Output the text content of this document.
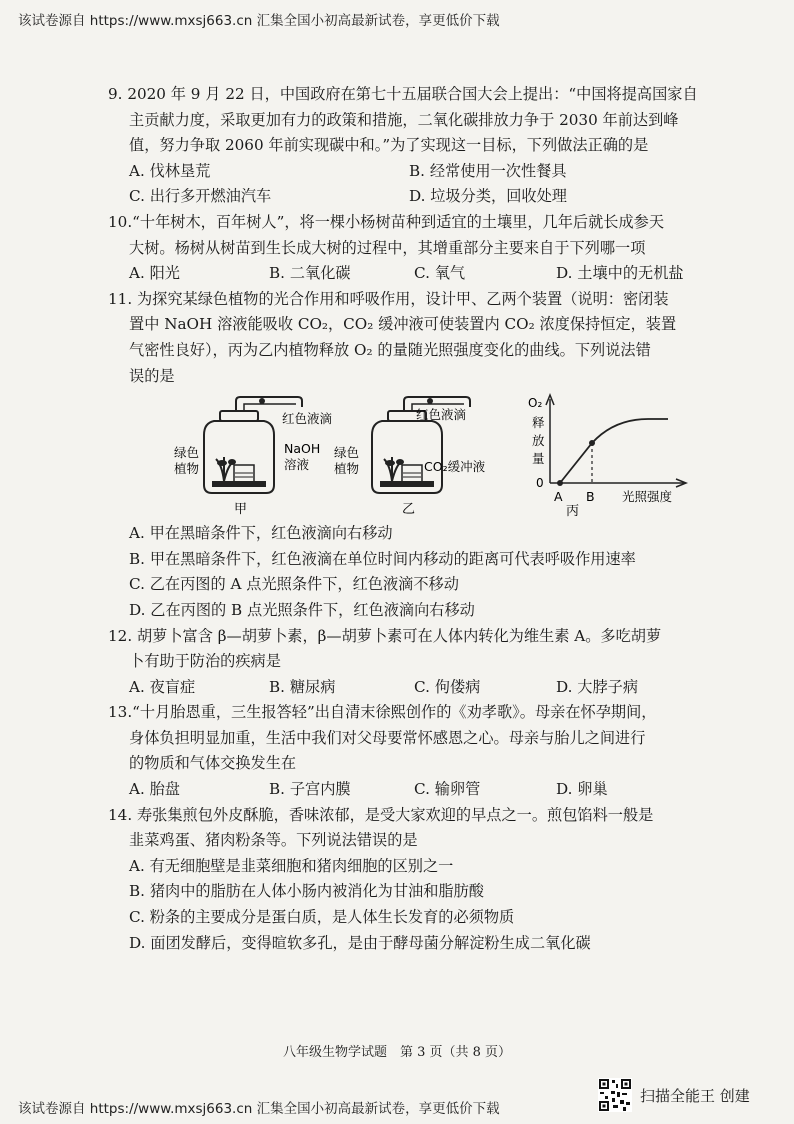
该试卷源自 https://www.mxsj663.cn 汇集全国小初高最新试卷，享更低价下载
9. 2020 年 9 月 22 日，中国政府在第七十五届联合国大会上提出：“中国将提高国家自
主贡献力度，采取更加有力的政策和措施，二氧化碳排放力争于 2030 年前达到峰
值，努力争取 2060 年前实现碳中和。”为了实现这一目标，下列做法正确的是
A. 伐林垦荒	B. 经常使用一次性餐具
C. 出行多开燃油汽车	D. 垃圾分类，回收处理
10.“十年树木，百年树人”，将一棵小杨树苗种到适宜的土壤里，几年后就长成参天
大树。杨树从树苗到生长成大树的过程中，其增重部分主要来自于下列哪一项
A. 阳光	B. 二氧化碳	C. 氧气	D. 土壤中的无机盐
11. 为探究某绿色植物的光合作用和呼吸作用，设计甲、乙两个装置（说明：密闭装
置中 NaOH 溶液能吸收 CO₂，CO₂ 缓冲液可使装置内 CO₂ 浓度保持恒定，装置
气密性良好），丙为乙内植物释放 O₂ 的量随光照强度变化的曲线。下列说法错
误的是
红色液滴
绿色
植物
NaOH
溶液
甲
红色液滴
绿色
植物	CO₂缓冲液
乙
O₂
释
放
量
0
A B 光照强度
丙
A. 甲在黑暗条件下，红色液滴向右移动
B. 甲在黑暗条件下，红色液滴在单位时间内移动的距离可代表呼吸作用速率
C. 乙在丙图的 A 点光照条件下，红色液滴不移动
D. 乙在丙图的 B 点光照条件下，红色液滴向右移动
12. 胡萝卜富含 β—胡萝卜素，β—胡萝卜素可在人体内转化为维生素 A。多吃胡萝
卜有助于防治的疾病是
A. 夜盲症	B. 糖尿病	C. 佝偻病	D. 大脖子病
13.“十月胎恩重，三生报答轻”出自清末徐熙创作的《劝孝歌》。母亲在怀孕期间，
身体负担明显加重，生活中我们对父母要常怀感恩之心。母亲与胎儿之间进行
的物质和气体交换发生在
A. 胎盘	B. 子宫内膜	C. 输卵管	D. 卵巢
14. 寿张集煎包外皮酥脆，香味浓郁，是受大家欢迎的早点之一。煎包馅料一般是
韭菜鸡蛋、猪肉粉条等。下列说法错误的是
A. 有无细胞壁是韭菜细胞和猪肉细胞的区别之一
B. 猪肉中的脂肪在人体小肠内被消化为甘油和脂肪酸
C. 粉条的主要成分是蛋白质，是人体生长发育的必须物质
D. 面团发酵后，变得暄软多孔，是由于酵母菌分解淀粉生成二氧化碳
八年级生物学试题　第 3 页（共 8 页）
该试卷源自 https://www.mxsj663.cn 汇集全国小初高最新试卷，享更低价下载
扫描全能王 创建
